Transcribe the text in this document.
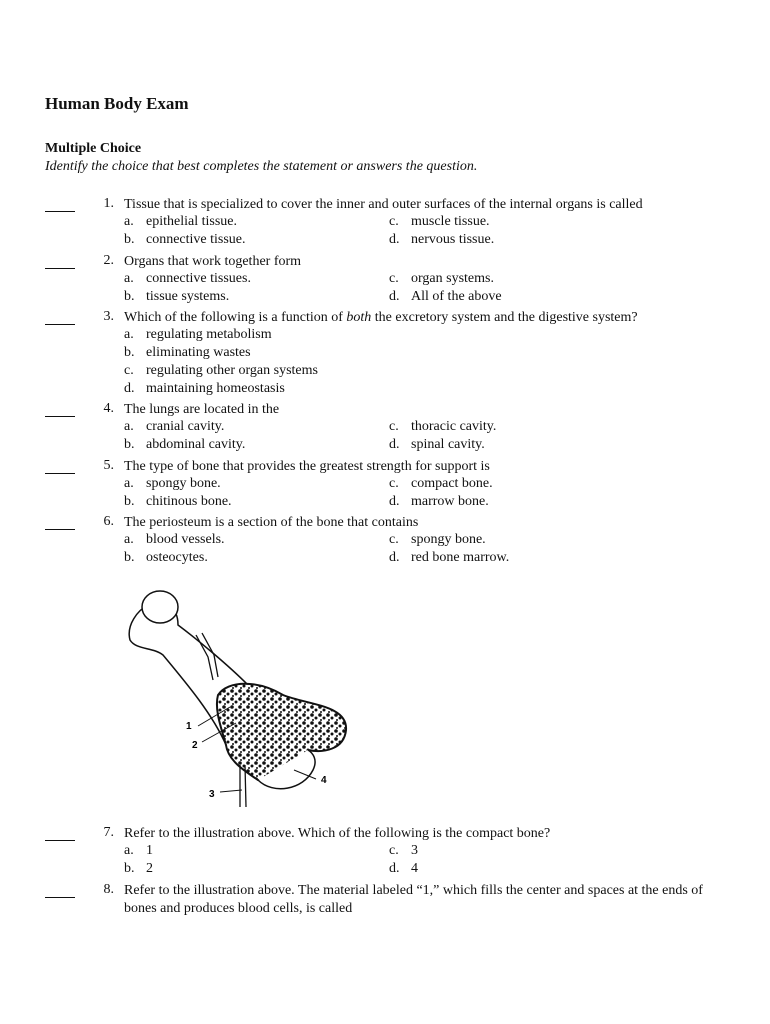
Human Body Exam
Multiple Choice
Identify the choice that best completes the statement or answers the question.
1. Tissue that is specialized to cover the inner and outer surfaces of the internal organs is called
a. epithelial tissue.
b. connective tissue.
c. muscle tissue.
d. nervous tissue.
2. Organs that work together form
a. connective tissues.
b. tissue systems.
c. organ systems.
d. All of the above
3. Which of the following is a function of both the excretory system and the digestive system?
a. regulating metabolism
b. eliminating wastes
c. regulating other organ systems
d. maintaining homeostasis
4. The lungs are located in the
a. cranial cavity.
b. abdominal cavity.
c. thoracic cavity.
d. spinal cavity.
5. The type of bone that provides the greatest strength for support is
a. spongy bone.
b. chitinous bone.
c. compact bone.
d. marrow bone.
6. The periosteum is a section of the bone that contains
a. blood vessels.
b. osteocytes.
c. spongy bone.
d. red bone marrow.
1
2
3
4
7. Refer to the illustration above. Which of the following is the compact bone?
a. 1
b. 2
c. 3
d. 4
8. Refer to the illustration above. The material labeled “1,” which fills the center and spaces at the ends of bones and produces blood cells, is called
